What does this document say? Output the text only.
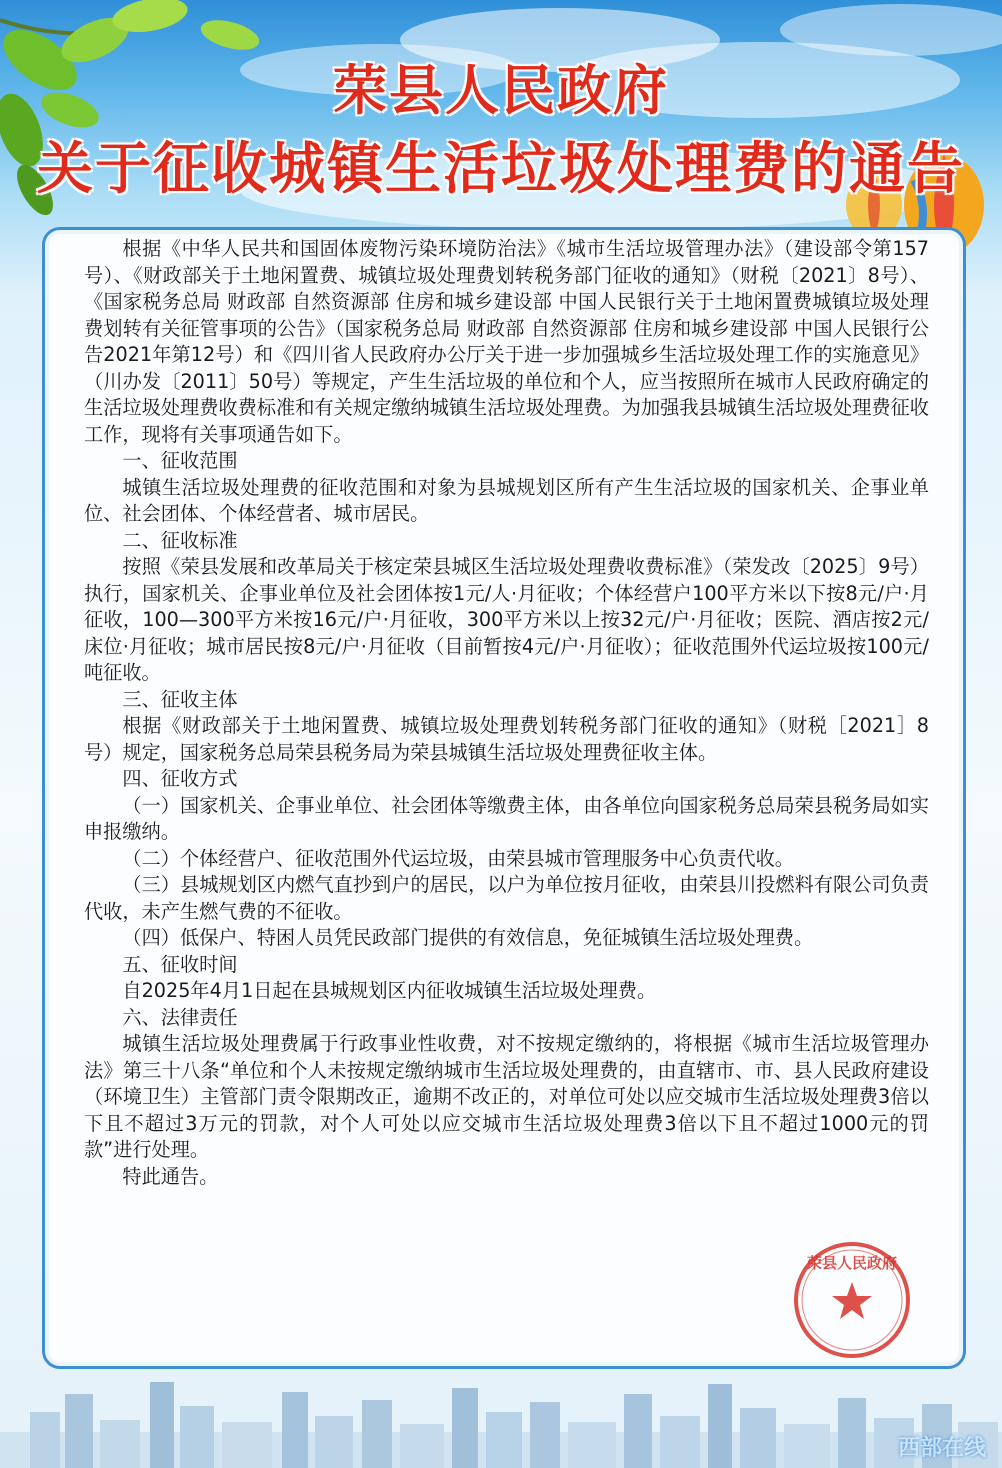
荣县人民政府
关于征收城镇生活垃圾处理费的通告

根据《中华人民共和国固体废物污染环境防治法》《城市生活垃圾管理办法》（建设部令第157号）、《财政部关于土地闲置费、城镇垃圾处理费划转税务部门征收的通知》（财税〔2021〕8号）、《国家税务总局 财政部 自然资源部 住房和城乡建设部 中国人民银行关于土地闲置费城镇垃圾处理费划转有关征管事项的公告》（国家税务总局 财政部 自然资源部 住房和城乡建设部 中国人民银行公告2021年第12号）和《四川省人民政府办公厅关于进一步加强城乡生活垃圾处理工作的实施意见》（川办发〔2011〕50号）等规定，产生生活垃圾的单位和个人，应当按照所在城市人民政府确定的生活垃圾处理费收费标准和有关规定缴纳城镇生活垃圾处理费。为加强我县城镇生活垃圾处理费征收工作，现将有关事项通告如下。

一、征收范围

城镇生活垃圾处理费的征收范围和对象为县城规划区所有产生生活垃圾的国家机关、企事业单位、社会团体、个体经营者、城市居民。

二、征收标准

按照《荣县发展和改革局关于核定荣县城区生活垃圾处理费收费标准》（荣发改〔2025〕9号）执行，国家机关、企事业单位及社会团体按1元/人·月征收；个体经营户100平方米以下按8元/户·月征收，100—300平方米按16元/户·月征收，300平方米以上按32元/户·月征收；医院、酒店按2元/床位·月征收；城市居民按8元/户·月征收（目前暂按4元/户·月征收）；征收范围外代运垃圾按100元/吨征收。

三、征收主体

根据《财政部关于土地闲置费、城镇垃圾处理费划转税务部门征收的通知》（财税［2021］8号）规定，国家税务总局荣县税务局为荣县城镇生活垃圾处理费征收主体。

四、征收方式

（一）国家机关、企事业单位、社会团体等缴费主体，由各单位向国家税务总局荣县税务局如实申报缴纳。

（二）个体经营户、征收范围外代运垃圾，由荣县城市管理服务中心负责代收。

（三）县城规划区内燃气直抄到户的居民，以户为单位按月征收，由荣县川投燃料有限公司负责代收，未产生燃气费的不征收。

（四）低保户、特困人员凭民政部门提供的有效信息，免征城镇生活垃圾处理费。

五、征收时间

自2025年4月1日起在县城规划区内征收城镇生活垃圾处理费。

六、法律责任

城镇生活垃圾处理费属于行政事业性收费，对不按规定缴纳的，将根据《城市生活垃圾管理办法》第三十八条“单位和个人未按规定缴纳城市生活垃圾处理费的，由直辖市、市、县人民政府建设（环境卫生）主管部门责令限期改正，逾期不改正的，对单位可处以应交城市生活垃圾处理费3倍以下且不超过3万元的罚款，对个人可处以应交城市生活垃圾处理费3倍以下且不超过1000元的罚款”进行处理。

特此通告。

荣县人民政府
西部在线
